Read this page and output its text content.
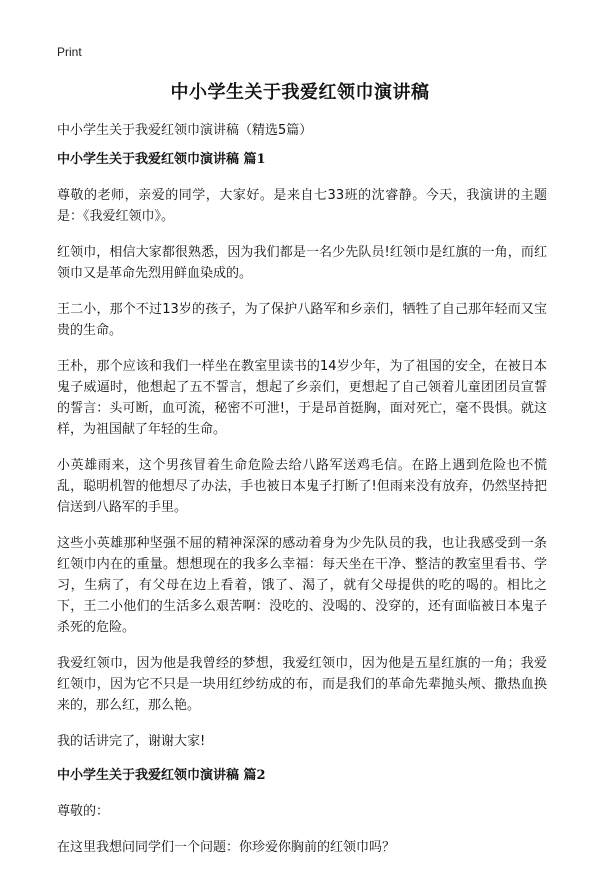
Print
中小学生关于我爱红领巾演讲稿

中小学生关于我爱红领巾演讲稿（精选5篇）

中小学生关于我爱红领巾演讲稿 篇1

尊敬的老师，亲爱的同学，大家好。是来自七33班的沈睿静。今天，我演讲的主题是：《我爱红领巾》。

红领巾，相信大家都很熟悉，因为我们都是一名少先队员!红领巾是红旗的一角，而红领巾又是革命先烈用鲜血染成的。

王二小，那个不过13岁的孩子，为了保护八路军和乡亲们，牺牲了自己那年轻而又宝贵的生命。

王朴，那个应该和我们一样坐在教室里读书的14岁少年，为了祖国的安全，在被日本鬼子威逼时，他想起了五不誓言，想起了乡亲们，更想起了自己领着儿童团团员宣誓的誓言：头可断，血可流，秘密不可泄!，于是昂首挺胸，面对死亡，毫不畏惧。就这样，为祖国献了年轻的生命。

小英雄雨来，这个男孩冒着生命危险去给八路军送鸡毛信。在路上遇到危险也不慌乱，聪明机智的他想尽了办法，手也被日本鬼子打断了!但雨来没有放弃，仍然坚持把信送到八路军的手里。

这些小英雄那种坚强不屈的精神深深的感动着身为少先队员的我，也让我感受到一条红领巾内在的重量。想想现在的我多么幸福：每天坐在干净、整洁的教室里看书、学习，生病了，有父母在边上看着，饿了、渴了，就有父母提供的吃的喝的。相比之下，王二小他们的生活多么艰苦啊：没吃的、没喝的、没穿的，还有面临被日本鬼子杀死的危险。

我爱红领巾，因为他是我曾经的梦想，我爱红领巾，因为他是五星红旗的一角；我爱红领巾，因为它不只是一块用红纱纺成的布，而是我们的革命先辈抛头颅、撒热血换来的，那么红，那么艳。

我的话讲完了，谢谢大家!

中小学生关于我爱红领巾演讲稿 篇2

尊敬的：

在这里我想问同学们一个问题：你珍爱你胸前的红领巾吗？
